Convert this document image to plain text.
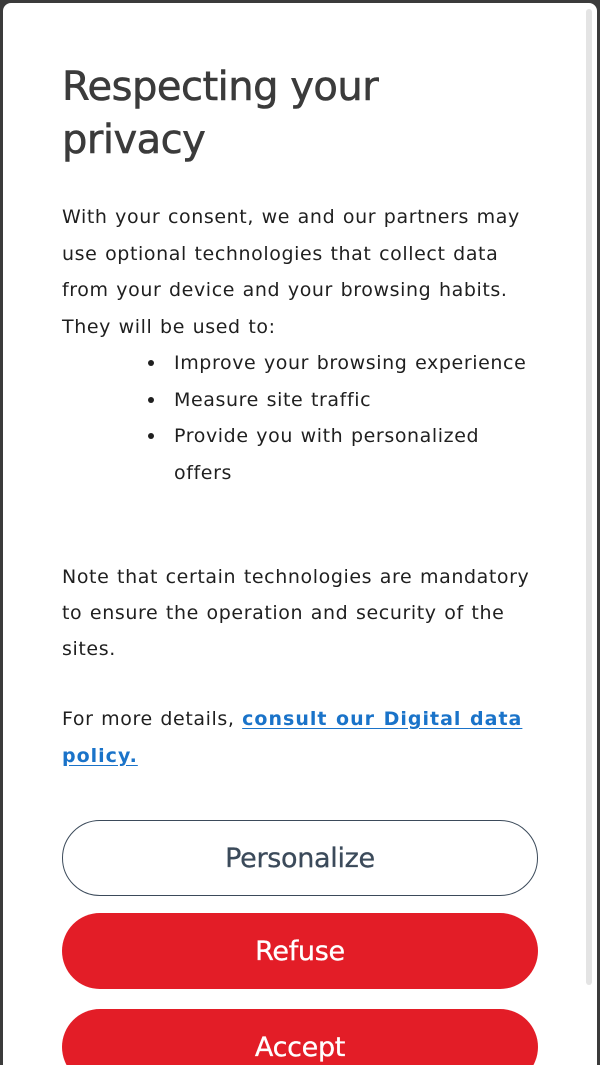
Respecting your privacy

With your consent, we and our partners may use optional technologies that collect data from your device and your browsing habits. They will be used to:

Improve your browsing experience
Measure site traffic
Provide you with personalized offers

Note that certain technologies are mandatory to ensure the operation and security of the sites.

For more details, consult our Digital data policy.

Personalize
Refuse
Accept
